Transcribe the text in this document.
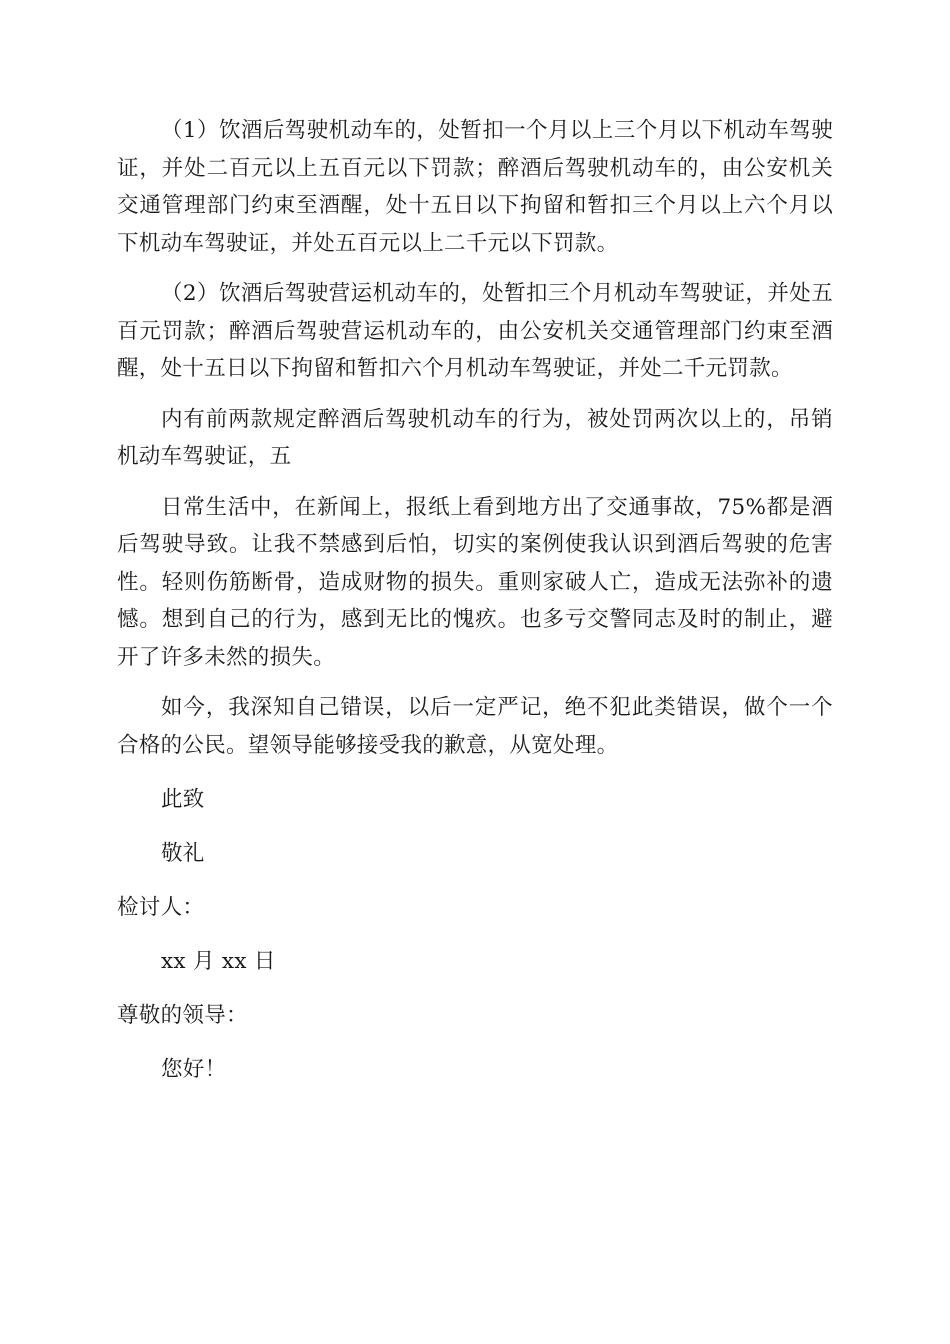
（1）饮酒后驾驶机动车的，处暂扣一个月以上三个月以下机动车驾驶证，并处二百元以上五百元以下罚款；醉酒后驾驶机动车的，由公安机关交通管理部门约束至酒醒，处十五日以下拘留和暂扣三个月以上六个月以下机动车驾驶证，并处五百元以上二千元以下罚款。

（2）饮酒后驾驶营运机动车的，处暂扣三个月机动车驾驶证，并处五百元罚款；醉酒后驾驶营运机动车的，由公安机关交通管理部门约束至酒醒，处十五日以下拘留和暂扣六个月机动车驾驶证，并处二千元罚款。

内有前两款规定醉酒后驾驶机动车的行为，被处罚两次以上的，吊销机动车驾驶证，五

日常生活中，在新闻上，报纸上看到地方出了交通事故，75%都是酒后驾驶导致。让我不禁感到后怕，切实的案例使我认识到酒后驾驶的危害性。轻则伤筋断骨，造成财物的损失。重则家破人亡，造成无法弥补的遗憾。想到自己的行为，感到无比的愧疚。也多亏交警同志及时的制止，避开了许多未然的损失。

如今，我深知自己错误，以后一定严记，绝不犯此类错误，做个一个合格的公民。望领导能够接受我的歉意，从宽处理。

此致

敬礼

检讨人：

xx 月 xx 日

尊敬的领导：

您好！
